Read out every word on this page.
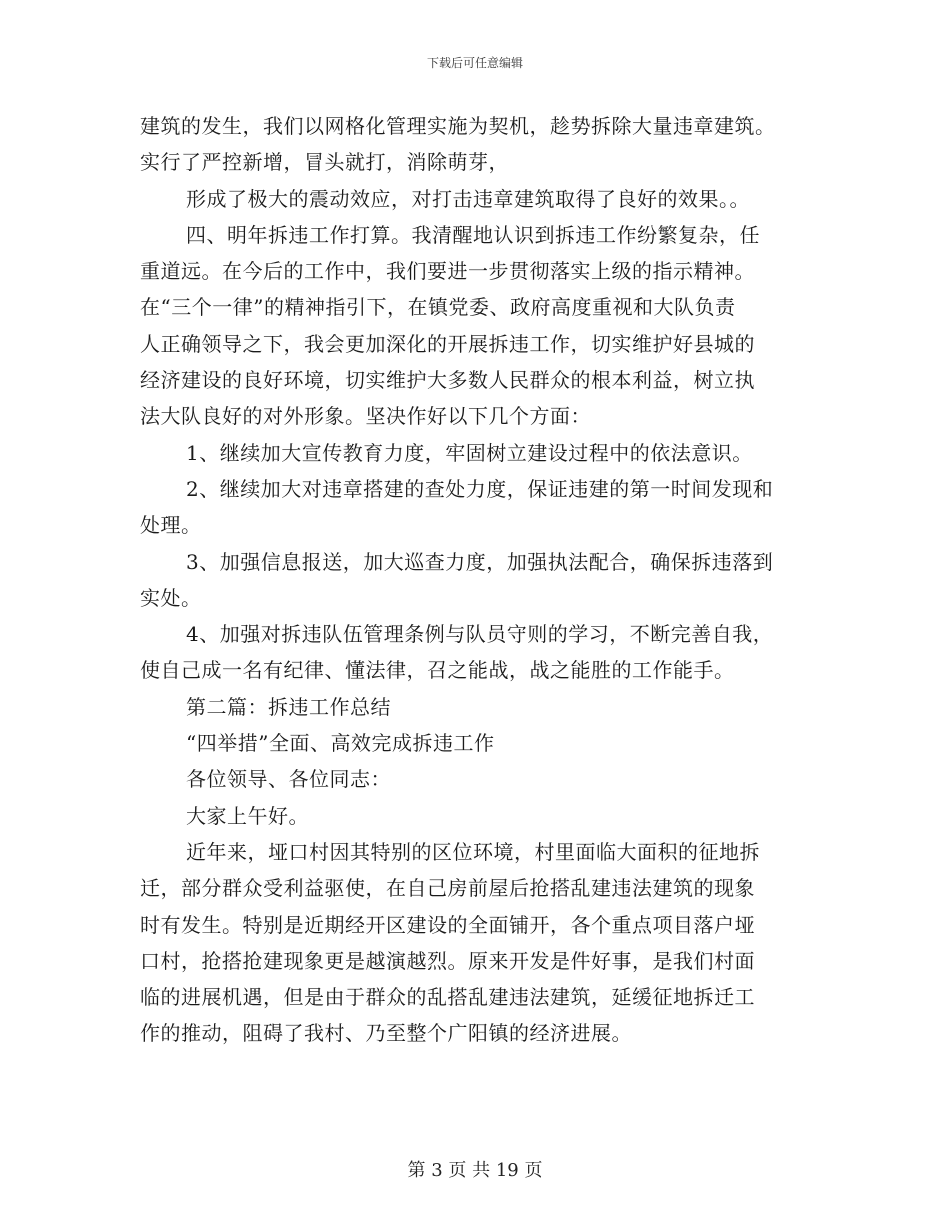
下载后可任意编辑
建筑的发生，我们以网格化管理实施为契机，趁势拆除大量违章建筑。
实行了严控新增，冒头就打，消除萌芽，
形成了极大的震动效应，对打击违章建筑取得了良好的效果。。
四、明年拆违工作打算。我清醒地认识到拆违工作纷繁复杂，任
重道远。在今后的工作中，我们要进一步贯彻落实上级的指示精神。
在“三个一律”的精神指引下，在镇党委、政府高度重视和大队负责
人正确领导之下，我会更加深化的开展拆违工作，切实维护好县城的
经济建设的良好环境，切实维护大多数人民群众的根本利益，树立执
法大队良好的对外形象。坚决作好以下几个方面：
1、继续加大宣传教育力度，牢固树立建设过程中的依法意识。
2、继续加大对违章搭建的查处力度，保证违建的第一时间发现和
处理。
3、加强信息报送，加大巡查力度，加强执法配合，确保拆违落到
实处。
4、加强对拆违队伍管理条例与队员守则的学习，不断完善自我，
使自己成一名有纪律、懂法律，召之能战，战之能胜的工作能手。
第二篇：拆违工作总结
“四举措”全面、高效完成拆违工作
各位领导、各位同志：
大家上午好。
近年来，垭口村因其特别的区位环境，村里面临大面积的征地拆
迁，部分群众受利益驱使，在自己房前屋后抢搭乱建违法建筑的现象
时有发生。特别是近期经开区建设的全面铺开，各个重点项目落户垭
口村，抢搭抢建现象更是越演越烈。原来开发是件好事，是我们村面
临的进展机遇，但是由于群众的乱搭乱建违法建筑，延缓征地拆迁工
作的推动，阻碍了我村、乃至整个广阳镇的经济进展。
第 3 页 共 19 页
